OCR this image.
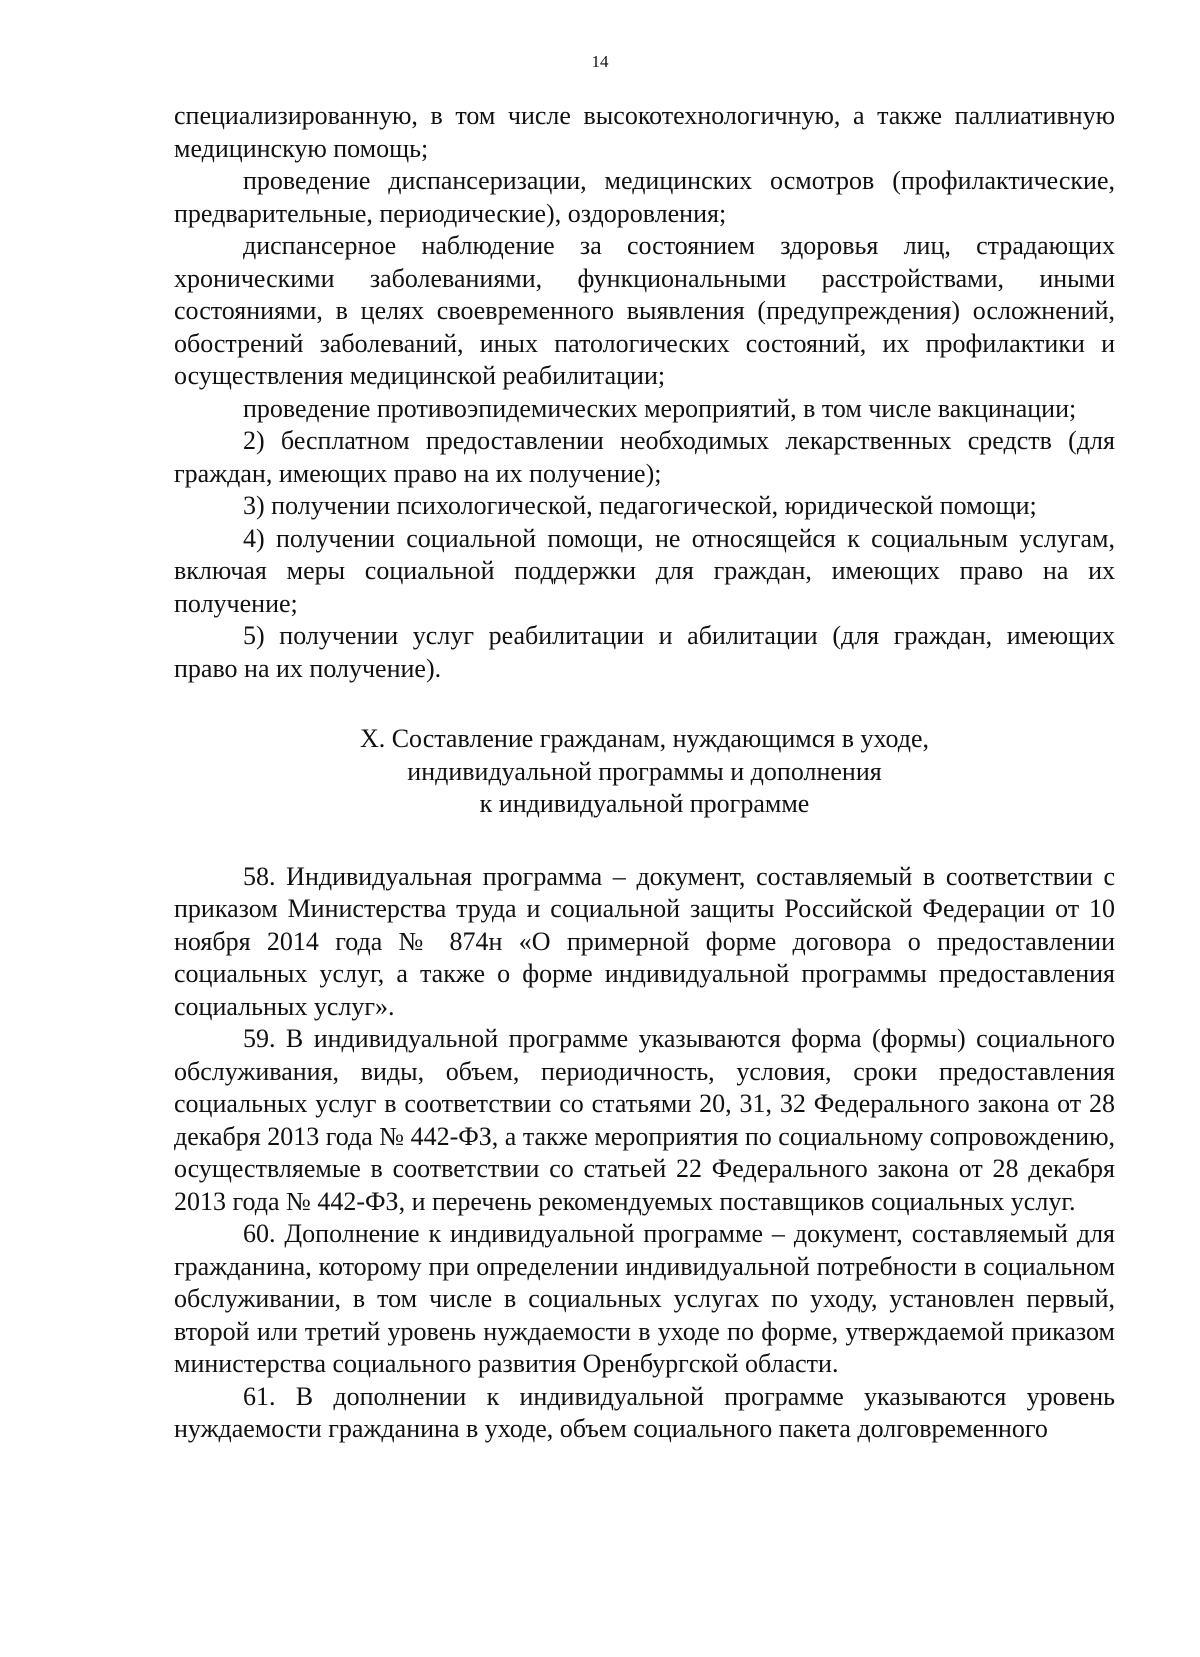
14

специализированную, в том числе высокотехнологичную, а также паллиативную медицинскую помощь;

проведение диспансеризации, медицинских осмотров (профилактические, предварительные, периодические), оздоровления;

диспансерное наблюдение за состоянием здоровья лиц, страдающих хроническими заболеваниями, функциональными расстройствами, иными состояниями, в целях своевременного выявления (предупреждения) осложнений, обострений заболеваний, иных патологических состояний, их профилактики и осуществления медицинской реабилитации;

проведение противоэпидемических мероприятий, в том числе вакцинации;

2) бесплатном предоставлении необходимых лекарственных средств (для граждан, имеющих право на их получение);

3) получении психологической, педагогической, юридической помощи;

4) получении социальной помощи, не относящейся к социальным услугам, включая меры социальной поддержки для граждан, имеющих право на их получение;

5) получении услуг реабилитации и абилитации (для граждан, имеющих право на их получение).

X. Составление гражданам, нуждающимся в уходе,
индивидуальной программы и дополнения
к индивидуальной программе

58. Индивидуальная программа – документ, составляемый в соответствии с приказом Министерства труда и социальной защиты Российской Федерации от 10 ноября 2014 года № 874н «О примерной форме договора о предоставлении социальных услуг, а также о форме индивидуальной программы предоставления социальных услуг».

59. В индивидуальной программе указываются форма (формы) социального обслуживания, виды, объем, периодичность, условия, сроки предоставления социальных услуг в соответствии со статьями 20, 31, 32 Федерального закона от 28 декабря 2013 года № 442-ФЗ, а также мероприятия по социальному сопровождению, осуществляемые в соответствии со статьей 22 Федерального закона от 28 декабря 2013 года № 442-ФЗ, и перечень рекомендуемых поставщиков социальных услуг.

60. Дополнение к индивидуальной программе – документ, составляемый для гражданина, которому при определении индивидуальной потребности в социальном обслуживании, в том числе в социальных услугах по уходу, установлен первый, второй или третий уровень нуждаемости в уходе по форме, утверждаемой приказом министерства социального развития Оренбургской области.

61. В дополнении к индивидуальной программе указываются уровень нуждаемости гражданина в уходе, объем социального пакета долговременного
